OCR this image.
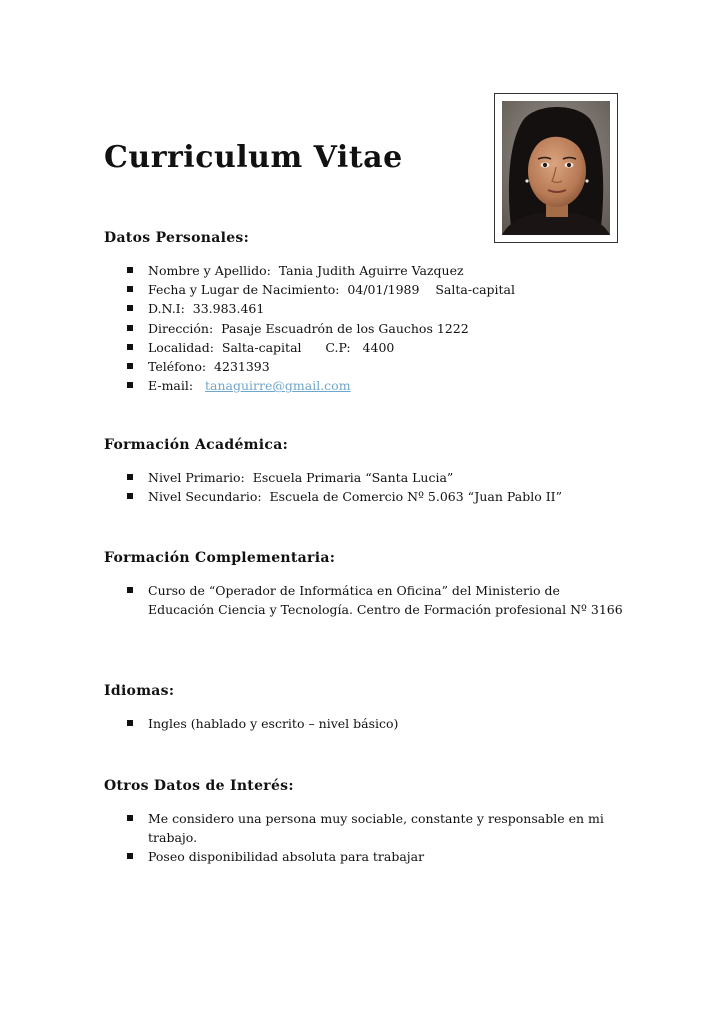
Curriculum Vitae
Datos Personales:
Nombre y Apellido:  Tania Judith Aguirre Vazquez
Fecha y Lugar de Nacimiento:  04/01/1989    Salta-capital
D.N.I:  33.983.461
Dirección:  Pasaje Escuadrón de los Gauchos 1222
Localidad:  Salta-capital      C.P:   4400
Teléfono:  4231393
E-mail:   tanaguirre@gmail.com
Formación Académica:
Nivel Primario:  Escuela Primaria “Santa Lucia”
Nivel Secundario:  Escuela de Comercio Nº 5.063 “Juan Pablo II”
Formación Complementaria:
Curso de “Operador de Informática en Oficina” del Ministerio de Educación Ciencia y Tecnología. Centro de Formación profesional Nº 3166
Idiomas:
Ingles (hablado y escrito – nivel básico)
Otros Datos de Interés:
Me considero una persona muy sociable, constante y responsable en mi trabajo.
Poseo disponibilidad absoluta para trabajar
